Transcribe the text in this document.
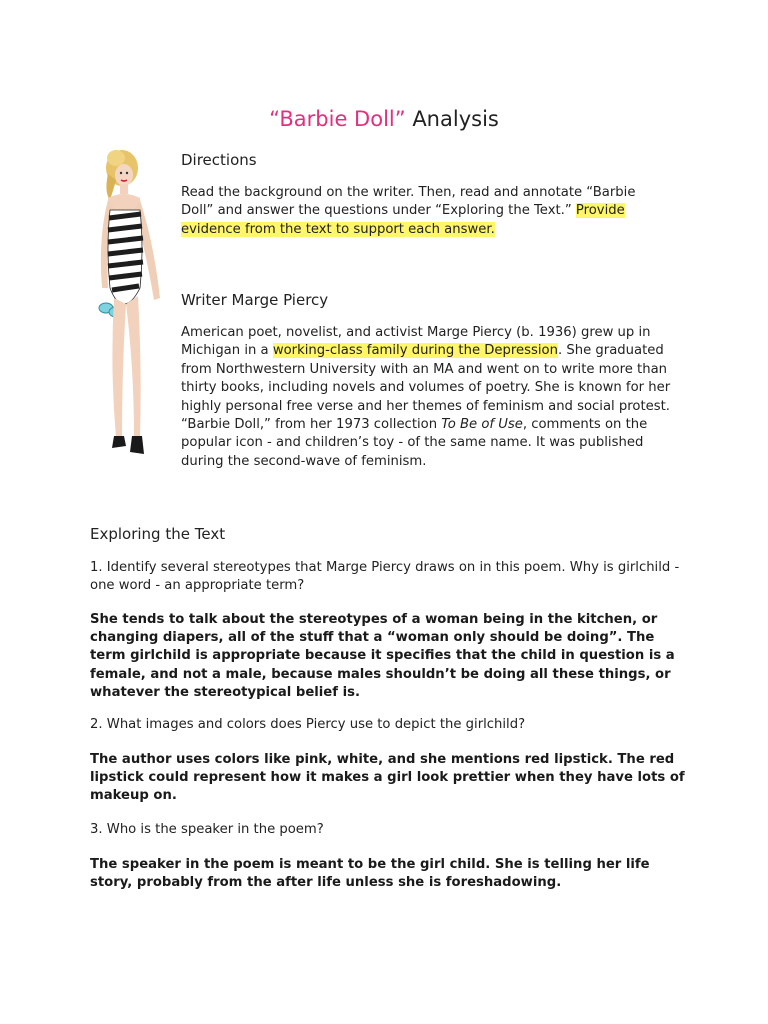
“Barbie Doll” Analysis
Directions

Read the background on the writer. Then, read and annotate “Barbie Doll” and answer the questions under “Exploring the Text.” Provide evidence from the text to support each answer.

Writer Marge Piercy

American poet, novelist, and activist Marge Piercy (b. 1936) grew up in Michigan in a working-class family during the Depression. She graduated from Northwestern University with an MA and went on to write more than thirty books, including novels and volumes of poetry. She is known for her highly personal free verse and her themes of feminism and social protest. “Barbie Doll,” from her 1973 collection To Be of Use, comments on the popular icon - and children’s toy - of the same name. It was published during the second-wave of feminism.

Exploring the Text
1. Identify several stereotypes that Marge Piercy draws on in this poem. Why is girlchild - one word - an appropriate term?
She tends to talk about the stereotypes of a woman being in the kitchen, or changing diapers, all of the stuff that a “woman only should be doing”. The term girlchild is appropriate because it specifies that the child in question is a female, and not a male, because males shouldn’t be doing all these things, or whatever the stereotypical belief is.
2. What images and colors does Piercy use to depict the girlchild?
The author uses colors like pink, white, and she mentions red lipstick. The red lipstick could represent how it makes a girl look prettier when they have lots of makeup on.
3. Who is the speaker in the poem?
The speaker in the poem is meant to be the girl child. She is telling her life story, probably from the after life unless she is foreshadowing.
